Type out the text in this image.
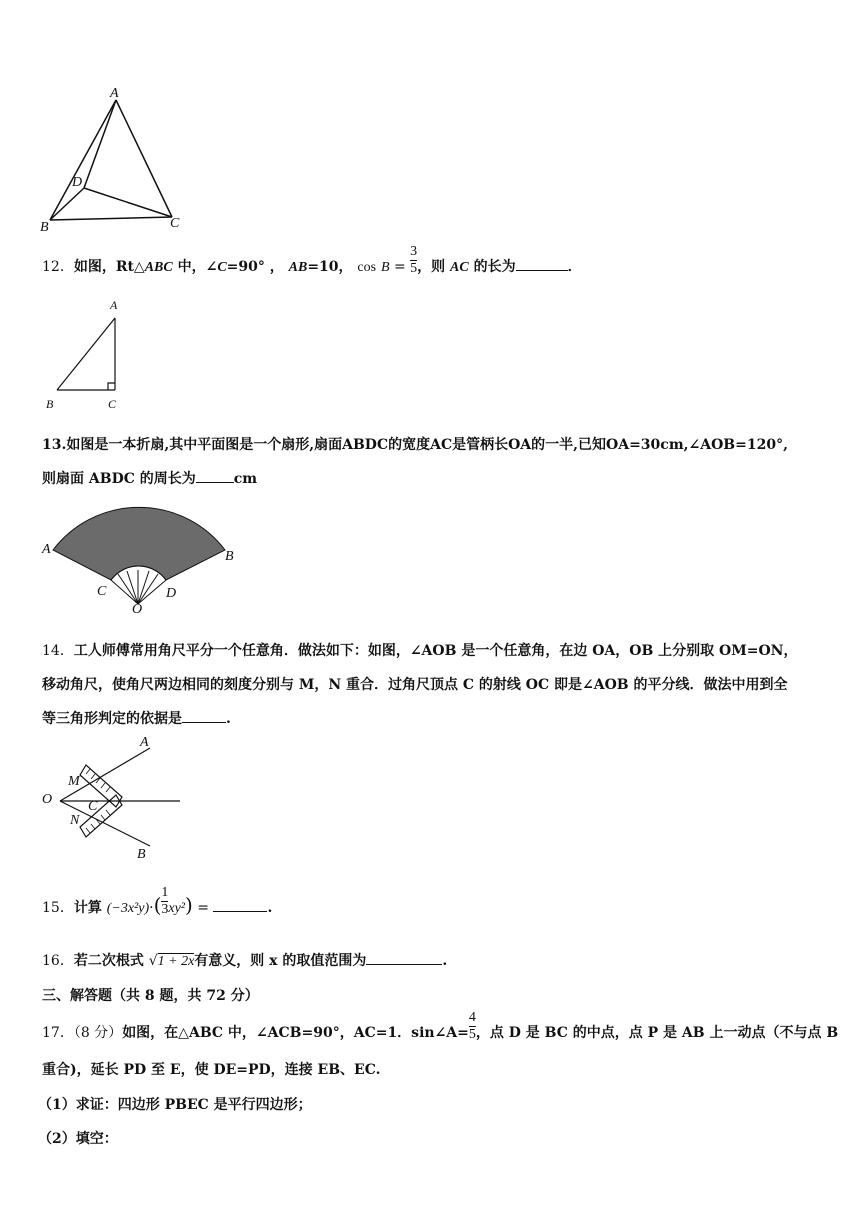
A
D
B	C
12．如图，Rt△ABC 中，∠C=90° ， AB=10， $\cos B = \frac{3}{5}$ ，则 AC 的长为	．
A
B	C
13.如图是一本折扇,其中平面图是一个扇形,扇面ABDC的宽度AC是管柄长OA的一半,已知OA=30cm,∠AOB=120°,
则扇面 ABDC 的周长为	cm
A	B
C	D
O
14．工人师傅常用角尺平分一个任意角．做法如下：如图，∠AOB 是一个任意角，在边 OA，OB 上分别取 OM=ON，
移动角尺，使角尺两边相同的刻度分别与 M，N 重合．过角尺顶点 C 的射线 OC 即是∠AOB 的平分线．做法中用到全
等三角形判定的依据是	.
A
M
O	C
N
B
15．计算 $(-3x^2y)\cdot( \frac{1}{3} xy^2)$ =	.
16．若二次根式 √1 + 2x有意义，则 x 的取值范围为	.
三、解答题（共 8 题，共 72 分）
17．（8 分）如图，在△ABC 中，∠ACB=90°，AC=1．sin∠A= $\frac{4}{5}$ ，点 D 是 BC 的中点，点 P 是 AB 上一动点（不与点 B
重合)，延长 PD 至 E，使 DE=PD，连接 EB、EC.
（1）求证：四边形 PBEC 是平行四边形；
（2）填空：
